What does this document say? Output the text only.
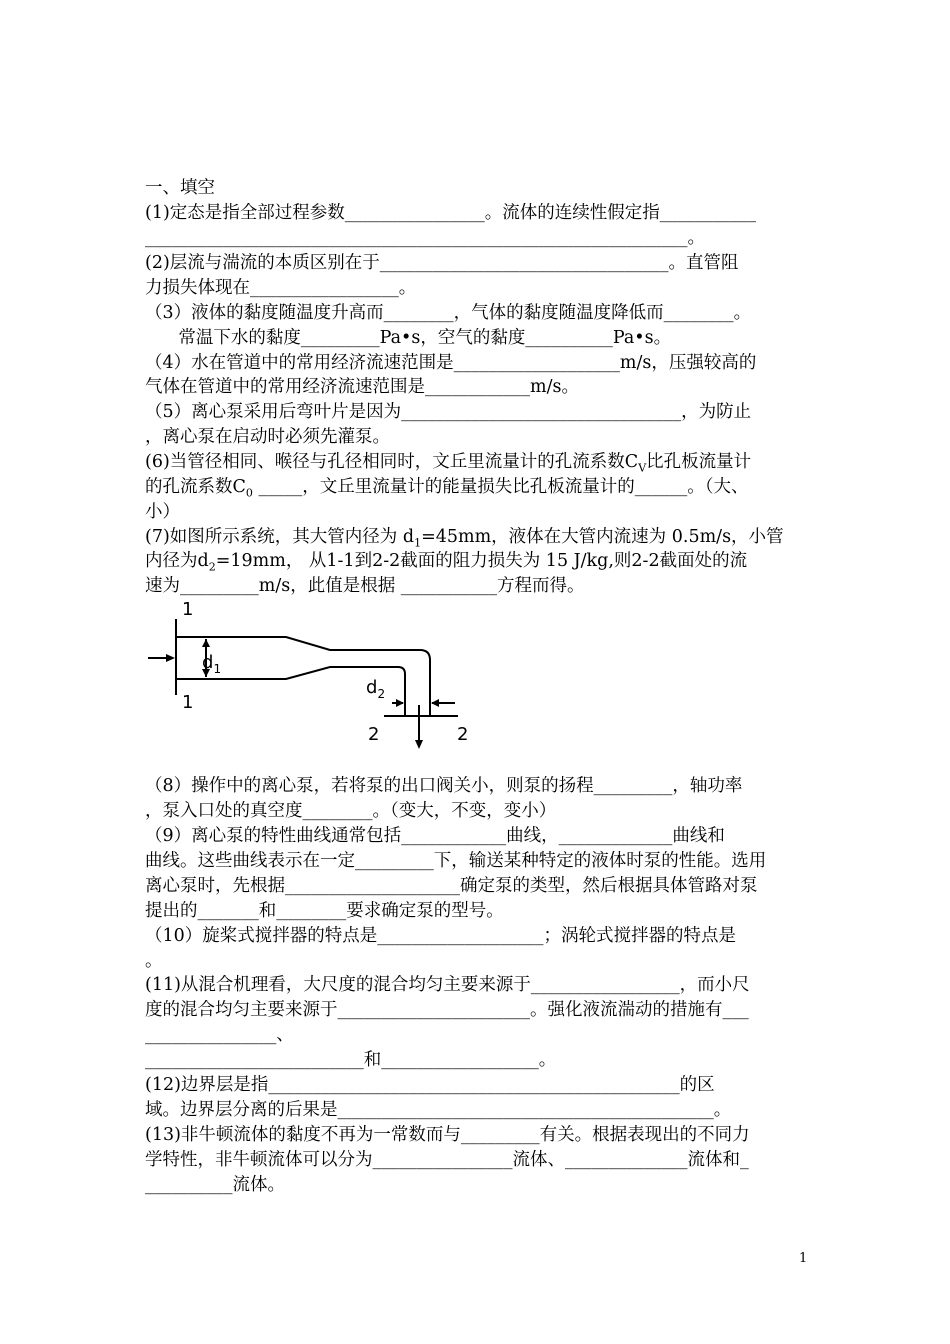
一、填空
(1)定态是指全部过程参数________________。流体的连续性假定指___________
______________________________________________________________。
(2)层流与湍流的本质区别在于_________________________________。直管阻
力损失体现在_________________。
（3）液体的黏度随温度升高而________，气体的黏度随温度降低而________。
常温下水的黏度_________Pa•s，空气的黏度__________Pa•s。
（4）水在管道中的常用经济流速范围是___________________m/s，压强较高的
气体在管道中的常用经济流速范围是____________m/s。
（5）离心泵采用后弯叶片是因为________________________________，为防止
，离心泵在启动时必须先灌泵。
(6)当管径相同、喉径与孔径相同时，文丘里流量计的孔流系数$C_V$比孔板流量计
的孔流系数$C_0$ _____，文丘里流量计的能量损失比孔板流量计的______。（大、
小）
(7)如图所示系统，其大管内径为 $d_1=45mm$，液体在大管内流速为 0.5m/s，小管
内径为$d_2=19mm$， 从1-1到2-2截面的阻力损失为 15 J/kg,则2-2截面处的流
速为_________m/s，此值是根据 ___________方程而得。
1
1
$d_1$
$d_2$
2	2
（8）操作中的离心泵，若将泵的出口阀关小，则泵的扬程_________，轴功率
，泵入口处的真空度________。（变大，不变，变小）
（9）离心泵的特性曲线通常包括____________曲线，_____________曲线和
曲线。这些曲线表示在一定_________下，输送某种特定的液体时泵的性能。选用
离心泵时，先根据____________________确定泵的类型，然后根据具体管路对泵
提出的_______和________要求确定泵的型号。
（10）旋桨式搅拌器的特点是___________________；涡轮式搅拌器的特点是
。
(11)从混合机理看，大尺度的混合均匀主要来源于_________________，而小尺
度的混合均匀主要来源于______________________。强化液流湍动的措施有___
_______________、
_________________________和__________________。
(12)边界层是指_______________________________________________的区
域。边界层分离的后果是___________________________________________。
(13)非牛顿流体的黏度不再为一常数而与_________有关。根据表现出的不同力
学特性，非牛顿流体可以分为________________流体、______________流体和_
__________流体。
1
